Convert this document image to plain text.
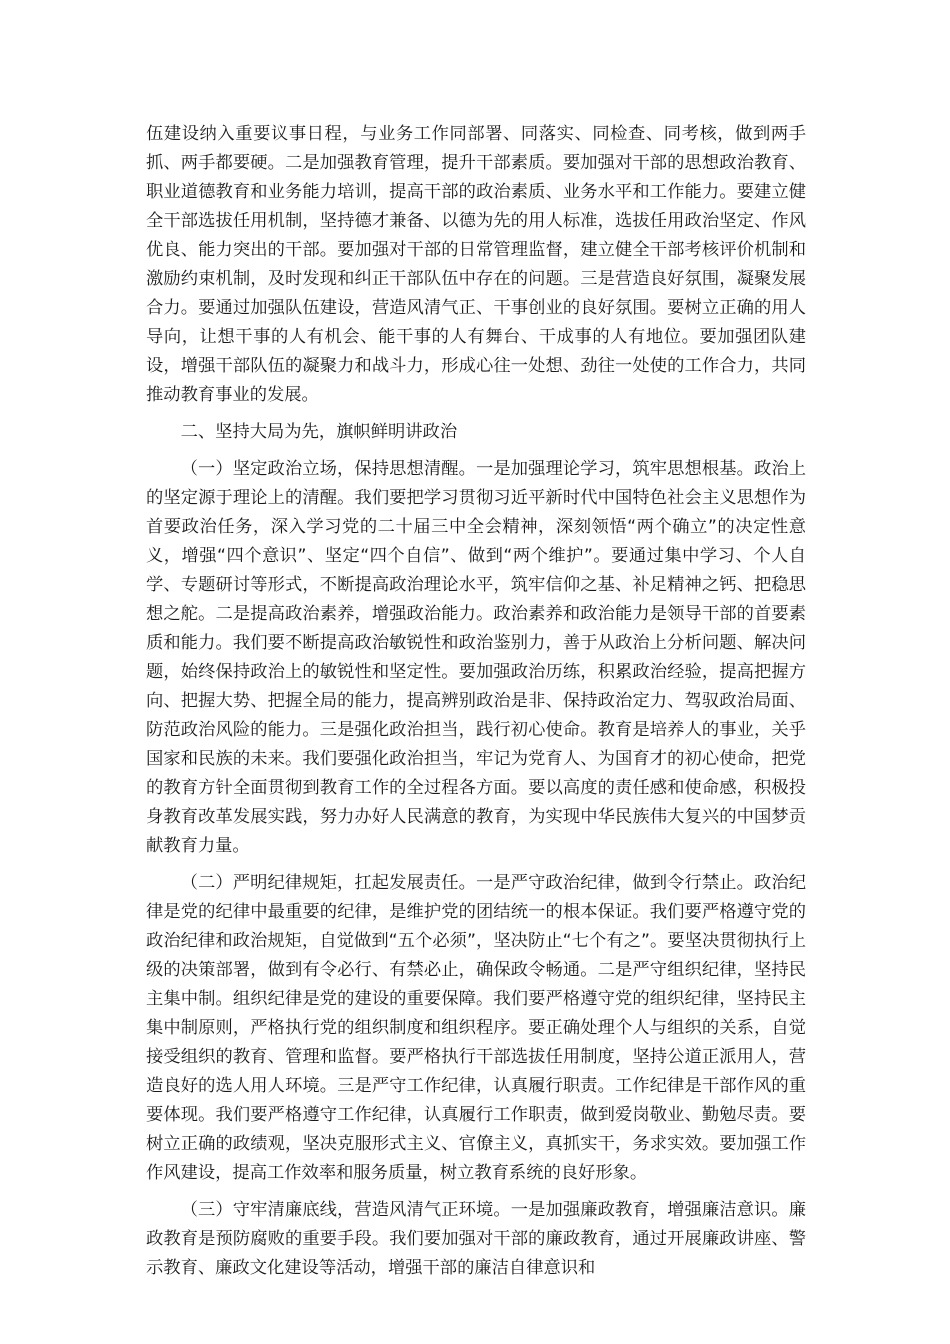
伍建设纳入重要议事日程，与业务工作同部署、同落实、同检查、同考核，做到两手抓、两手都要硬。二是加强教育管理，提升干部素质。要加强对干部的思想政治教育、职业道德教育和业务能力培训，提高干部的政治素质、业务水平和工作能力。要建立健全干部选拔任用机制，坚持德才兼备、以德为先的用人标准，选拔任用政治坚定、作风优良、能力突出的干部。要加强对干部的日常管理监督，建立健全干部考核评价机制和激励约束机制，及时发现和纠正干部队伍中存在的问题。三是营造良好氛围，凝聚发展合力。要通过加强队伍建设，营造风清气正、干事创业的良好氛围。要树立正确的用人导向，让想干事的人有机会、能干事的人有舞台、干成事的人有地位。要加强团队建设，增强干部队伍的凝聚力和战斗力，形成心往一处想、劲往一处使的工作合力，共同推动教育事业的发展。

二、坚持大局为先，旗帜鲜明讲政治

（一）坚定政治立场，保持思想清醒。一是加强理论学习，筑牢思想根基。政治上的坚定源于理论上的清醒。我们要把学习贯彻习近平新时代中国特色社会主义思想作为首要政治任务，深入学习党的二十届三中全会精神，深刻领悟“两个确立”的决定性意义，增强“四个意识”、坚定“四个自信”、做到“两个维护”。要通过集中学习、个人自学、专题研讨等形式，不断提高政治理论水平，筑牢信仰之基、补足精神之钙、把稳思想之舵。二是提高政治素养，增强政治能力。政治素养和政治能力是领导干部的首要素质和能力。我们要不断提高政治敏锐性和政治鉴别力，善于从政治上分析问题、解决问题，始终保持政治上的敏锐性和坚定性。要加强政治历练，积累政治经验，提高把握方向、把握大势、把握全局的能力，提高辨别政治是非、保持政治定力、驾驭政治局面、防范政治风险的能力。三是强化政治担当，践行初心使命。教育是培养人的事业，关乎国家和民族的未来。我们要强化政治担当，牢记为党育人、为国育才的初心使命，把党的教育方针全面贯彻到教育工作的全过程各方面。要以高度的责任感和使命感，积极投身教育改革发展实践，努力办好人民满意的教育，为实现中华民族伟大复兴的中国梦贡献教育力量。

（二）严明纪律规矩，扛起发展责任。一是严守政治纪律，做到令行禁止。政治纪律是党的纪律中最重要的纪律，是维护党的团结统一的根本保证。我们要严格遵守党的政治纪律和政治规矩，自觉做到“五个必须”，坚决防止“七个有之”。要坚决贯彻执行上级的决策部署，做到有令必行、有禁必止，确保政令畅通。二是严守组织纪律，坚持民主集中制。组织纪律是党的建设的重要保障。我们要严格遵守党的组织纪律，坚持民主集中制原则，严格执行党的组织制度和组织程序。要正确处理个人与组织的关系，自觉接受组织的教育、管理和监督。要严格执行干部选拔任用制度，坚持公道正派用人，营造良好的选人用人环境。三是严守工作纪律，认真履行职责。工作纪律是干部作风的重要体现。我们要严格遵守工作纪律，认真履行工作职责，做到爱岗敬业、勤勉尽责。要树立正确的政绩观，坚决克服形式主义、官僚主义，真抓实干，务求实效。要加强工作作风建设，提高工作效率和服务质量，树立教育系统的良好形象。

（三）守牢清廉底线，营造风清气正环境。一是加强廉政教育，增强廉洁意识。廉政教育是预防腐败的重要手段。我们要加强对干部的廉政教育，通过开展廉政讲座、警示教育、廉政文化建设等活动，增强干部的廉洁自律意识和
